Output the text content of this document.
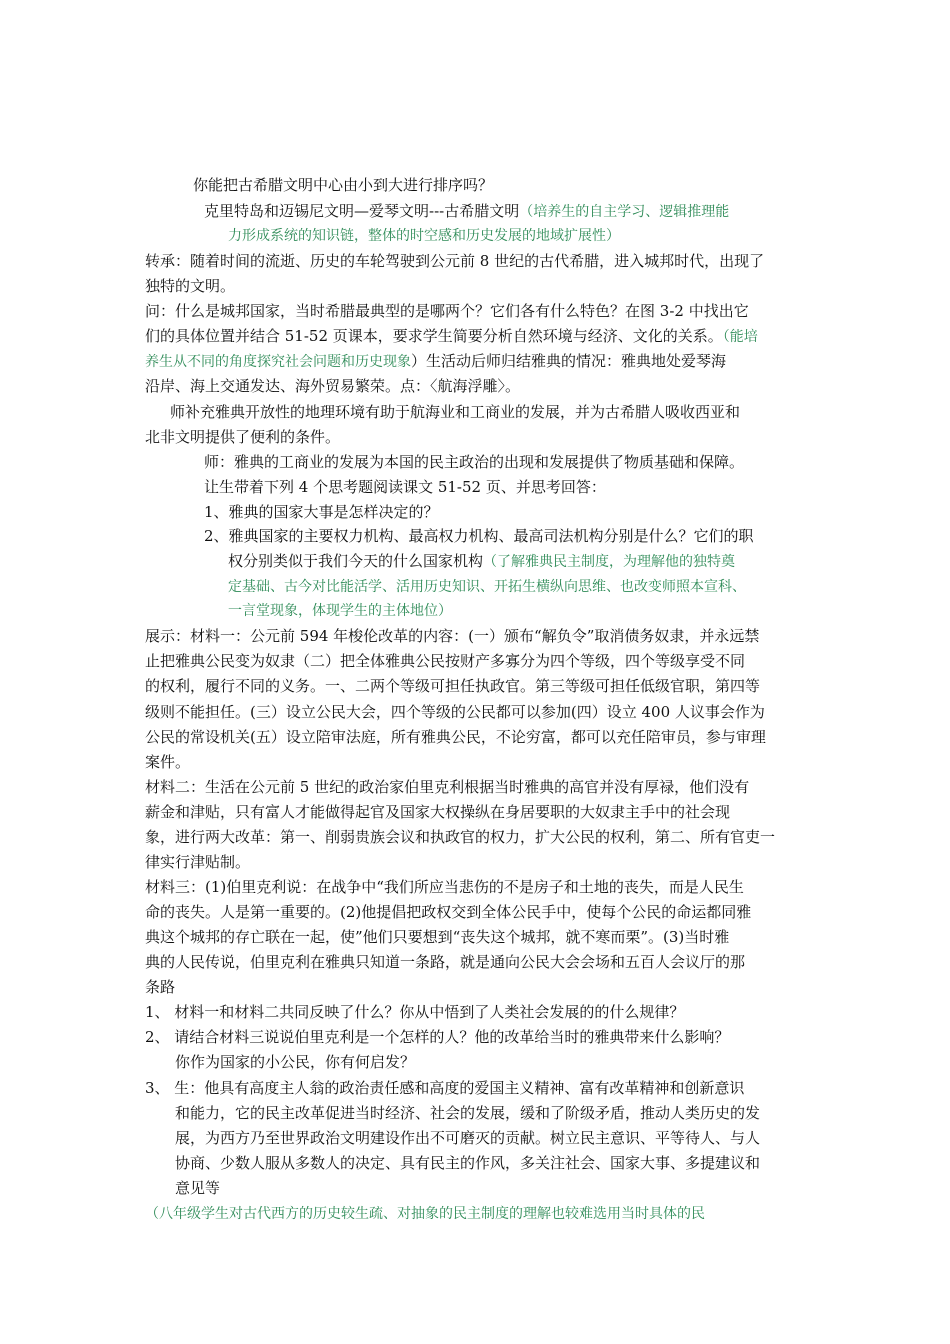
你能把古希腊文明中心由小到大进行排序吗？

克里特岛和迈锡尼文明—爱琴文明---古希腊文明（培养生的自主学习、逻辑推理能

力形成系统的知识链，整体的时空感和历史发展的地域扩展性）

转承：随着时间的流逝、历史的车轮驾驶到公元前 8 世纪的古代希腊，进入城邦时代，出现了

独特的文明。

问：什么是城邦国家，当时希腊最典型的是哪两个？它们各有什么特色？在图 3-2 中找出它

们的具体位置并结合 51-52 页课本，要求学生简要分析自然环境与经济、文化的关系。（能培

养生从不同的角度探究社会问题和历史现象）生活动后师归结雅典的情况：雅典地处爱琴海

沿岸、海上交通发达、海外贸易繁荣。点：〈航海浮雕〉。

师补充雅典开放性的地理环境有助于航海业和工商业的发展，并为古希腊人吸收西亚和

北非文明提供了便利的条件。

师：雅典的工商业的发展为本国的民主政治的出现和发展提供了物质基础和保障。

让生带着下列 4 个思考题阅读课文 51-52 页、并思考回答：

1、雅典的国家大事是怎样决定的？

2、雅典国家的主要权力机构、最高权力机构、最高司法机构分别是什么？它们的职

权分别类似于我们今天的什么国家机构（了解雅典民主制度，为理解他的独特奠

定基础、古今对比能活学、活用历史知识、开拓生横纵向思维、也改变师照本宣科、

一言堂现象，体现学生的主体地位）

展示：材料一：公元前 594 年梭伦改革的内容：(一）颁布“解负令”取消债务奴隶，并永远禁

止把雅典公民变为奴隶（二）把全体雅典公民按财产多寡分为四个等级，四个等级享受不同

的权利，履行不同的义务。一、二两个等级可担任执政官。第三等级可担任低级官职，第四等

级则不能担任。(三）设立公民大会，四个等级的公民都可以参加(四）设立 400 人议事会作为

公民的常设机关(五）设立陪审法庭，所有雅典公民，不论穷富，都可以充任陪审员，参与审理

案件。

材料二：生活在公元前 5 世纪的政治家伯里克利根据当时雅典的高官并没有厚禄，他们没有

薪金和津贴，只有富人才能做得起官及国家大权操纵在身居要职的大奴隶主手中的社会现

象，进行两大改革：第一、削弱贵族会议和执政官的权力，扩大公民的权利，第二、所有官吏一

律实行津贴制。

材料三：(1)伯里克利说：在战争中“我们所应当悲伤的不是房子和土地的丧失，而是人民生

命的丧失。人是第一重要的。(2)他提倡把政权交到全体公民手中，使每个公民的命运都同雅

典这个城邦的存亡联在一起，使”他们只要想到“丧失这个城邦，就不寒而栗”。(3)当时雅

典的人民传说，伯里克利在雅典只知道一条路，就是通向公民大会会场和五百人会议厅的那

条路

1、 材料一和材料二共同反映了什么？你从中悟到了人类社会发展的的什么规律？

2、 请结合材料三说说伯里克利是一个怎样的人？他的改革给当时的雅典带来什么影响？

你作为国家的小公民，你有何启发？

3、 生：他具有高度主人翁的政治责任感和高度的爱国主义精神、富有改革精神和创新意识

和能力，它的民主改革促进当时经济、社会的发展，缓和了阶级矛盾，推动人类历史的发

展，为西方乃至世界政治文明建设作出不可磨灭的贡献。树立民主意识、平等待人、与人

协商、少数人服从多数人的决定、具有民主的作风，多关注社会、国家大事、多提建议和

意见等

（八年级学生对古代西方的历史较生疏、对抽象的民主制度的理解也较难选用当时具体的民
